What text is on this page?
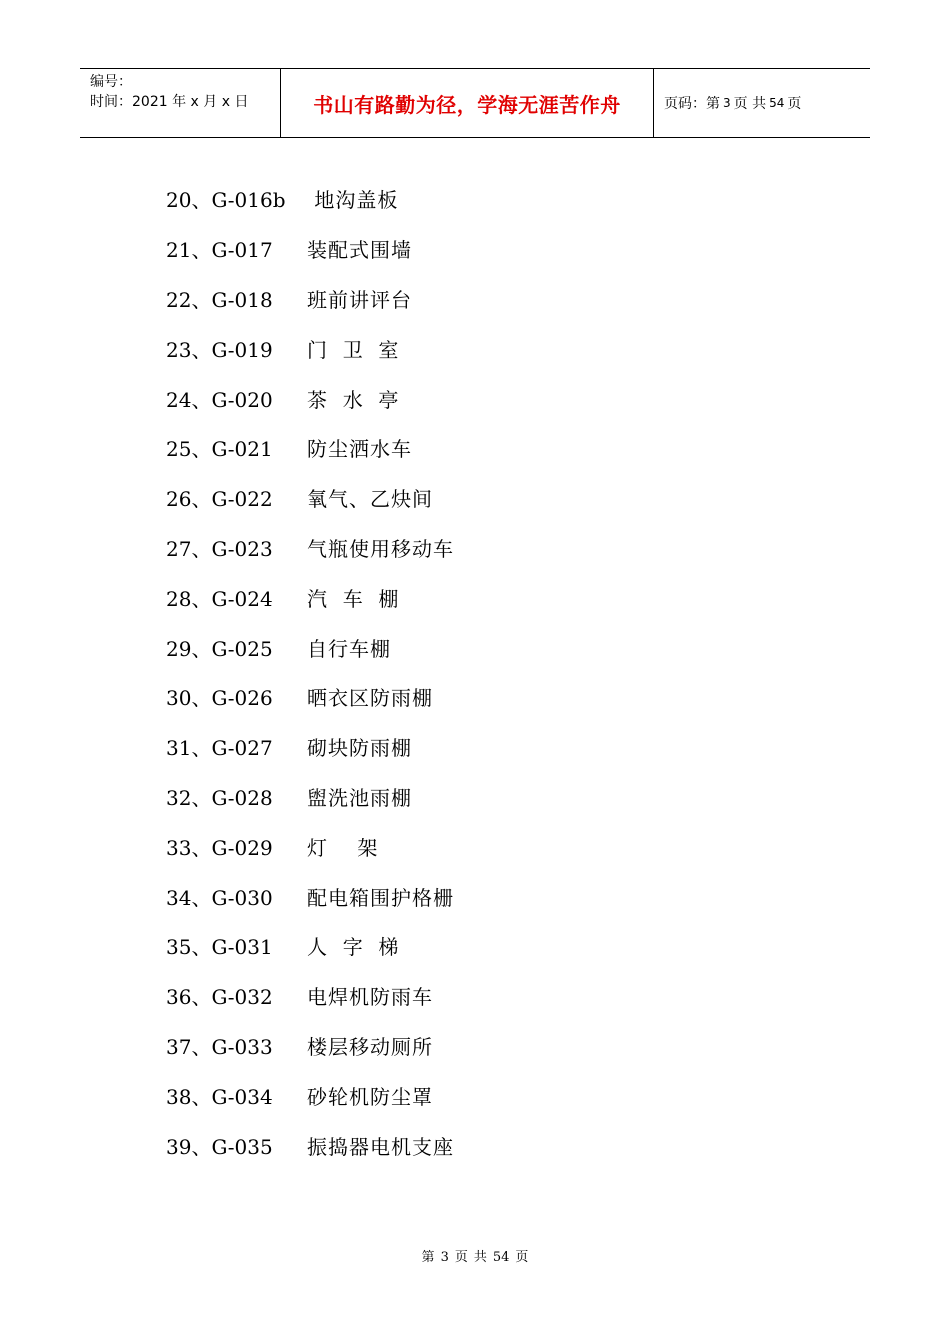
编号：
时间：2021 年 x 月 x 日	书山有路勤为径，学海无涯苦作舟	页码：第 3 页 共 54 页
20、G-016b	地沟盖板
21、G-017	装配式围墙
22、G-018	班前讲评台
23、G-019	门  卫  室
24、G-020	茶  水  亭
25、G-021	防尘洒水车
26、G-022	氧气、乙炔间
27、G-023	气瓶使用移动车
28、G-024	汽  车  棚
29、G-025	自行车棚
30、G-026	晒衣区防雨棚
31、G-027	砌块防雨棚
32、G-028	盥洗池雨棚
33、G-029	灯    架
34、G-030	配电箱围护格栅
35、G-031	人  字  梯
36、G-032	电焊机防雨车
37、G-033	楼层移动厕所
38、G-034	砂轮机防尘罩
39、G-035	振捣器电机支座
第 3 页 共 54 页
